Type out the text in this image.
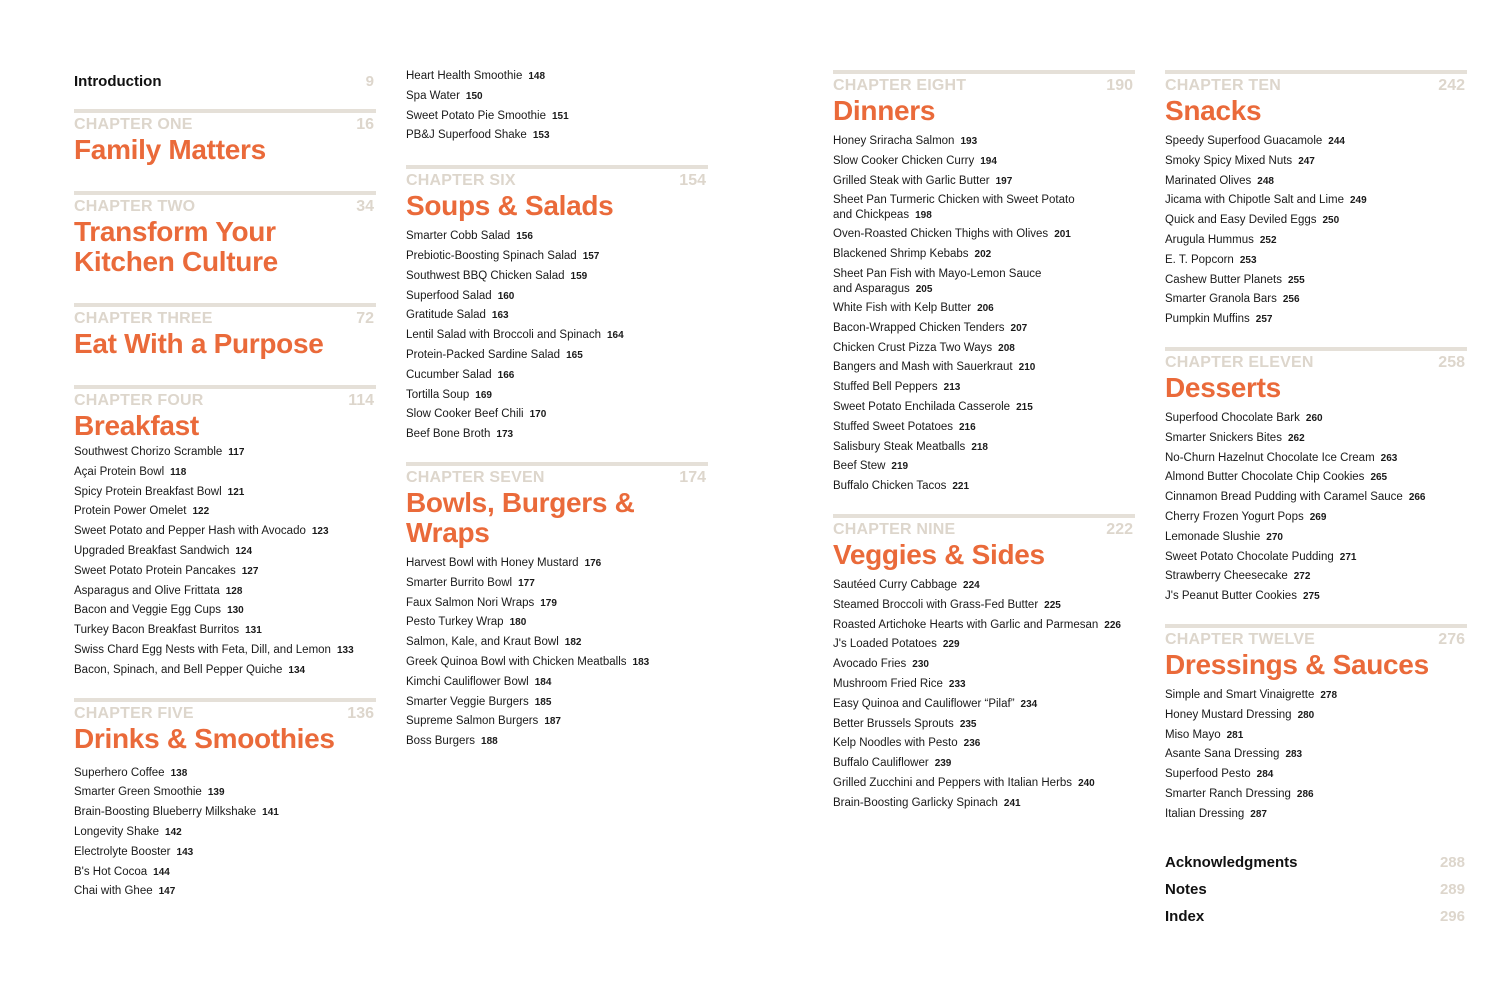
Introduction	9
CHAPTER ONE	16
Family Matters
CHAPTER TWO	34
Transform Your Kitchen Culture
CHAPTER THREE	72
Eat With a Purpose
CHAPTER FOUR	114
Breakfast
Southwest Chorizo Scramble 117
Açai Protein Bowl 118
Spicy Protein Breakfast Bowl 121
Protein Power Omelet 122
Sweet Potato and Pepper Hash with Avocado 123
Upgraded Breakfast Sandwich 124
Sweet Potato Protein Pancakes 127
Asparagus and Olive Frittata 128
Bacon and Veggie Egg Cups 130
Turkey Bacon Breakfast Burritos 131
Swiss Chard Egg Nests with Feta, Dill, and Lemon 133
Bacon, Spinach, and Bell Pepper Quiche 134
CHAPTER FIVE	136
Drinks & Smoothies
Superhero Coffee 138
Smarter Green Smoothie 139
Brain-Boosting Blueberry Milkshake 141
Longevity Shake 142
Electrolyte Booster 143
B's Hot Cocoa 144
Chai with Ghee 147
Heart Health Smoothie 148
Spa Water 150
Sweet Potato Pie Smoothie 151
PB&J Superfood Shake 153
CHAPTER SIX	154
Soups & Salads
Smarter Cobb Salad 156
Prebiotic-Boosting Spinach Salad 157
Southwest BBQ Chicken Salad 159
Superfood Salad 160
Gratitude Salad 163
Lentil Salad with Broccoli and Spinach 164
Protein-Packed Sardine Salad 165
Cucumber Salad 166
Tortilla Soup 169
Slow Cooker Beef Chili 170
Beef Bone Broth 173
CHAPTER SEVEN	174
Bowls, Burgers & Wraps
Harvest Bowl with Honey Mustard 176
Smarter Burrito Bowl 177
Faux Salmon Nori Wraps 179
Pesto Turkey Wrap 180
Salmon, Kale, and Kraut Bowl 182
Greek Quinoa Bowl with Chicken Meatballs 183
Kimchi Cauliflower Bowl 184
Smarter Veggie Burgers 185
Supreme Salmon Burgers 187
Boss Burgers 188
CHAPTER EIGHT	190
Dinners
Honey Sriracha Salmon 193
Slow Cooker Chicken Curry 194
Grilled Steak with Garlic Butter 197
Sheet Pan Turmeric Chicken with Sweet Potato
and Chickpeas 198
Oven-Roasted Chicken Thighs with Olives 201
Blackened Shrimp Kebabs 202
Sheet Pan Fish with Mayo-Lemon Sauce
and Asparagus 205
White Fish with Kelp Butter 206
Bacon-Wrapped Chicken Tenders 207
Chicken Crust Pizza Two Ways 208
Bangers and Mash with Sauerkraut 210
Stuffed Bell Peppers 213
Sweet Potato Enchilada Casserole 215
Stuffed Sweet Potatoes 216
Salisbury Steak Meatballs 218
Beef Stew 219
Buffalo Chicken Tacos 221
CHAPTER NINE	222
Veggies & Sides
Sautéed Curry Cabbage 224
Steamed Broccoli with Grass-Fed Butter 225
Roasted Artichoke Hearts with Garlic and Parmesan 226
J's Loaded Potatoes 229
Avocado Fries 230
Mushroom Fried Rice 233
Easy Quinoa and Cauliflower “Pilaf” 234
Better Brussels Sprouts 235
Kelp Noodles with Pesto 236
Buffalo Cauliflower 239
Grilled Zucchini and Peppers with Italian Herbs 240
Brain-Boosting Garlicky Spinach 241
CHAPTER TEN	242
Snacks
Speedy Superfood Guacamole 244
Smoky Spicy Mixed Nuts 247
Marinated Olives 248
Jicama with Chipotle Salt and Lime 249
Quick and Easy Deviled Eggs 250
Arugula Hummus 252
E. T. Popcorn 253
Cashew Butter Planets 255
Smarter Granola Bars 256
Pumpkin Muffins 257
CHAPTER ELEVEN	258
Desserts
Superfood Chocolate Bark 260
Smarter Snickers Bites 262
No-Churn Hazelnut Chocolate Ice Cream 263
Almond Butter Chocolate Chip Cookies 265
Cinnamon Bread Pudding with Caramel Sauce 266
Cherry Frozen Yogurt Pops 269
Lemonade Slushie 270
Sweet Potato Chocolate Pudding 271
Strawberry Cheesecake 272
J's Peanut Butter Cookies 275
CHAPTER TWELVE	276
Dressings & Sauces
Simple and Smart Vinaigrette 278
Honey Mustard Dressing 280
Miso Mayo 281
Asante Sana Dressing 283
Superfood Pesto 284
Smarter Ranch Dressing 286
Italian Dressing 287
Acknowledgments	288
Notes	289
Index	296
